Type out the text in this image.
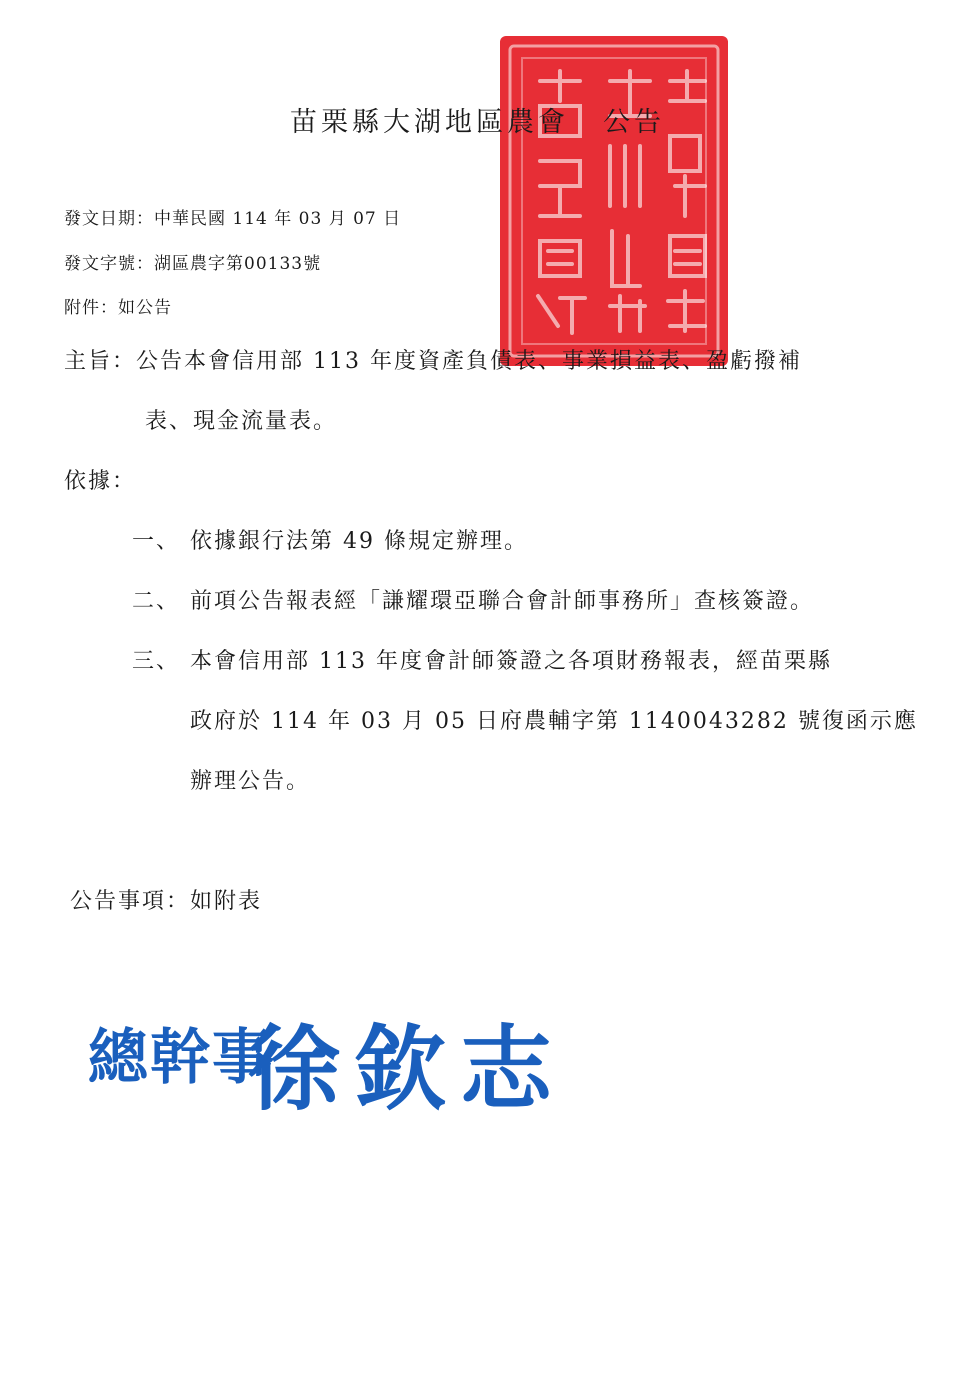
苗栗縣大湖地區農會 公告
發文日期：中華民國 114 年 03 月 07 日
發文字號：湖區農字第00133號
附件：如公告
主旨：公告本會信用部 113 年度資產負債表、事業損益表、盈虧撥補
表、現金流量表。
依據：
一、 依據銀行法第 49 條規定辦理。
二、 前項公告報表經「謙耀環亞聯合會計師事務所」查核簽證。
三、 本會信用部 113 年度會計師簽證之各項財務報表，經苗栗縣
政府於 114 年 03 月 05 日府農輔字第 1140043282 號復函示應
辦理公告。
公告事項：如附表
總幹事
徐欽志
